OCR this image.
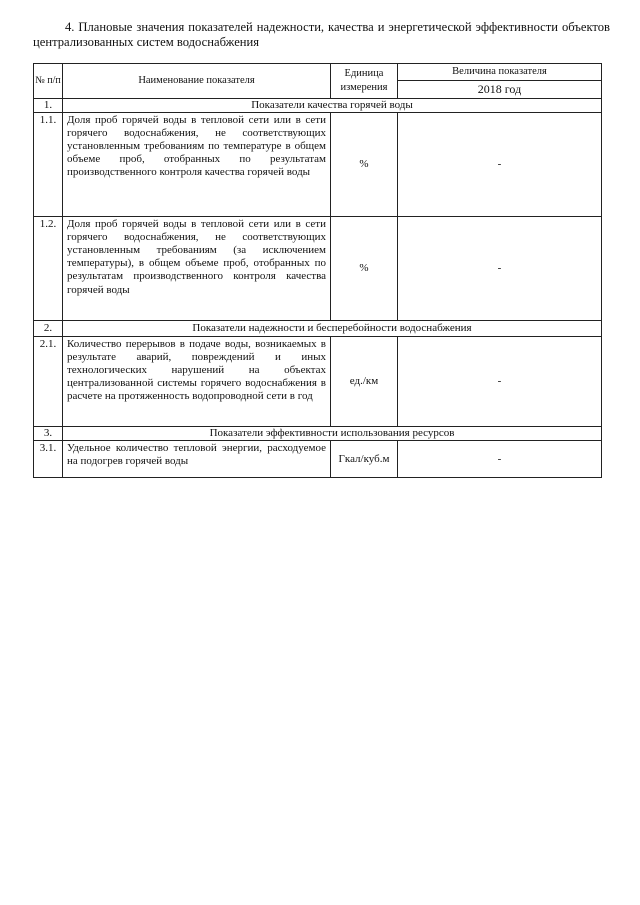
4. Плановые значения показателей надежности, качества и энергетической эффективности объектов централизованных систем водоснабжения
№ п/п	Наименование показателя	Единица измерения	Величина показателя
			2018 год
1.	Показатели качества горячей воды		
1.1.	Доля проб горячей воды в тепловой сети или в сети горячего водоснабжения, не соответствующих установленным требованиям по температуре в общем объеме проб, отобранных по результатам производственного контроля качества горячей воды	%	-
1.2.	Доля проб горячей воды в тепловой сети или в сети горячего водоснабжения, не соответствующих установленным требованиям (за исключением температуры), в общем объеме проб, отобранных по результатам производственного контроля качества горячей воды	%	-
2.	Показатели надежности и бесперебойности водоснабжения		
2.1.	Количество перерывов в подаче воды, возникаемых в результате аварий, повреждений и иных технологических нарушений на объектах централизованной системы горячего водоснабжения в расчете на протяженность водопроводной сети в год	ед./км	-
3.	Показатели эффективности использования ресурсов		
3.1.	Удельное количество тепловой энергии, расходуемое на подогрев горячей воды	Гкал/куб.м	-
